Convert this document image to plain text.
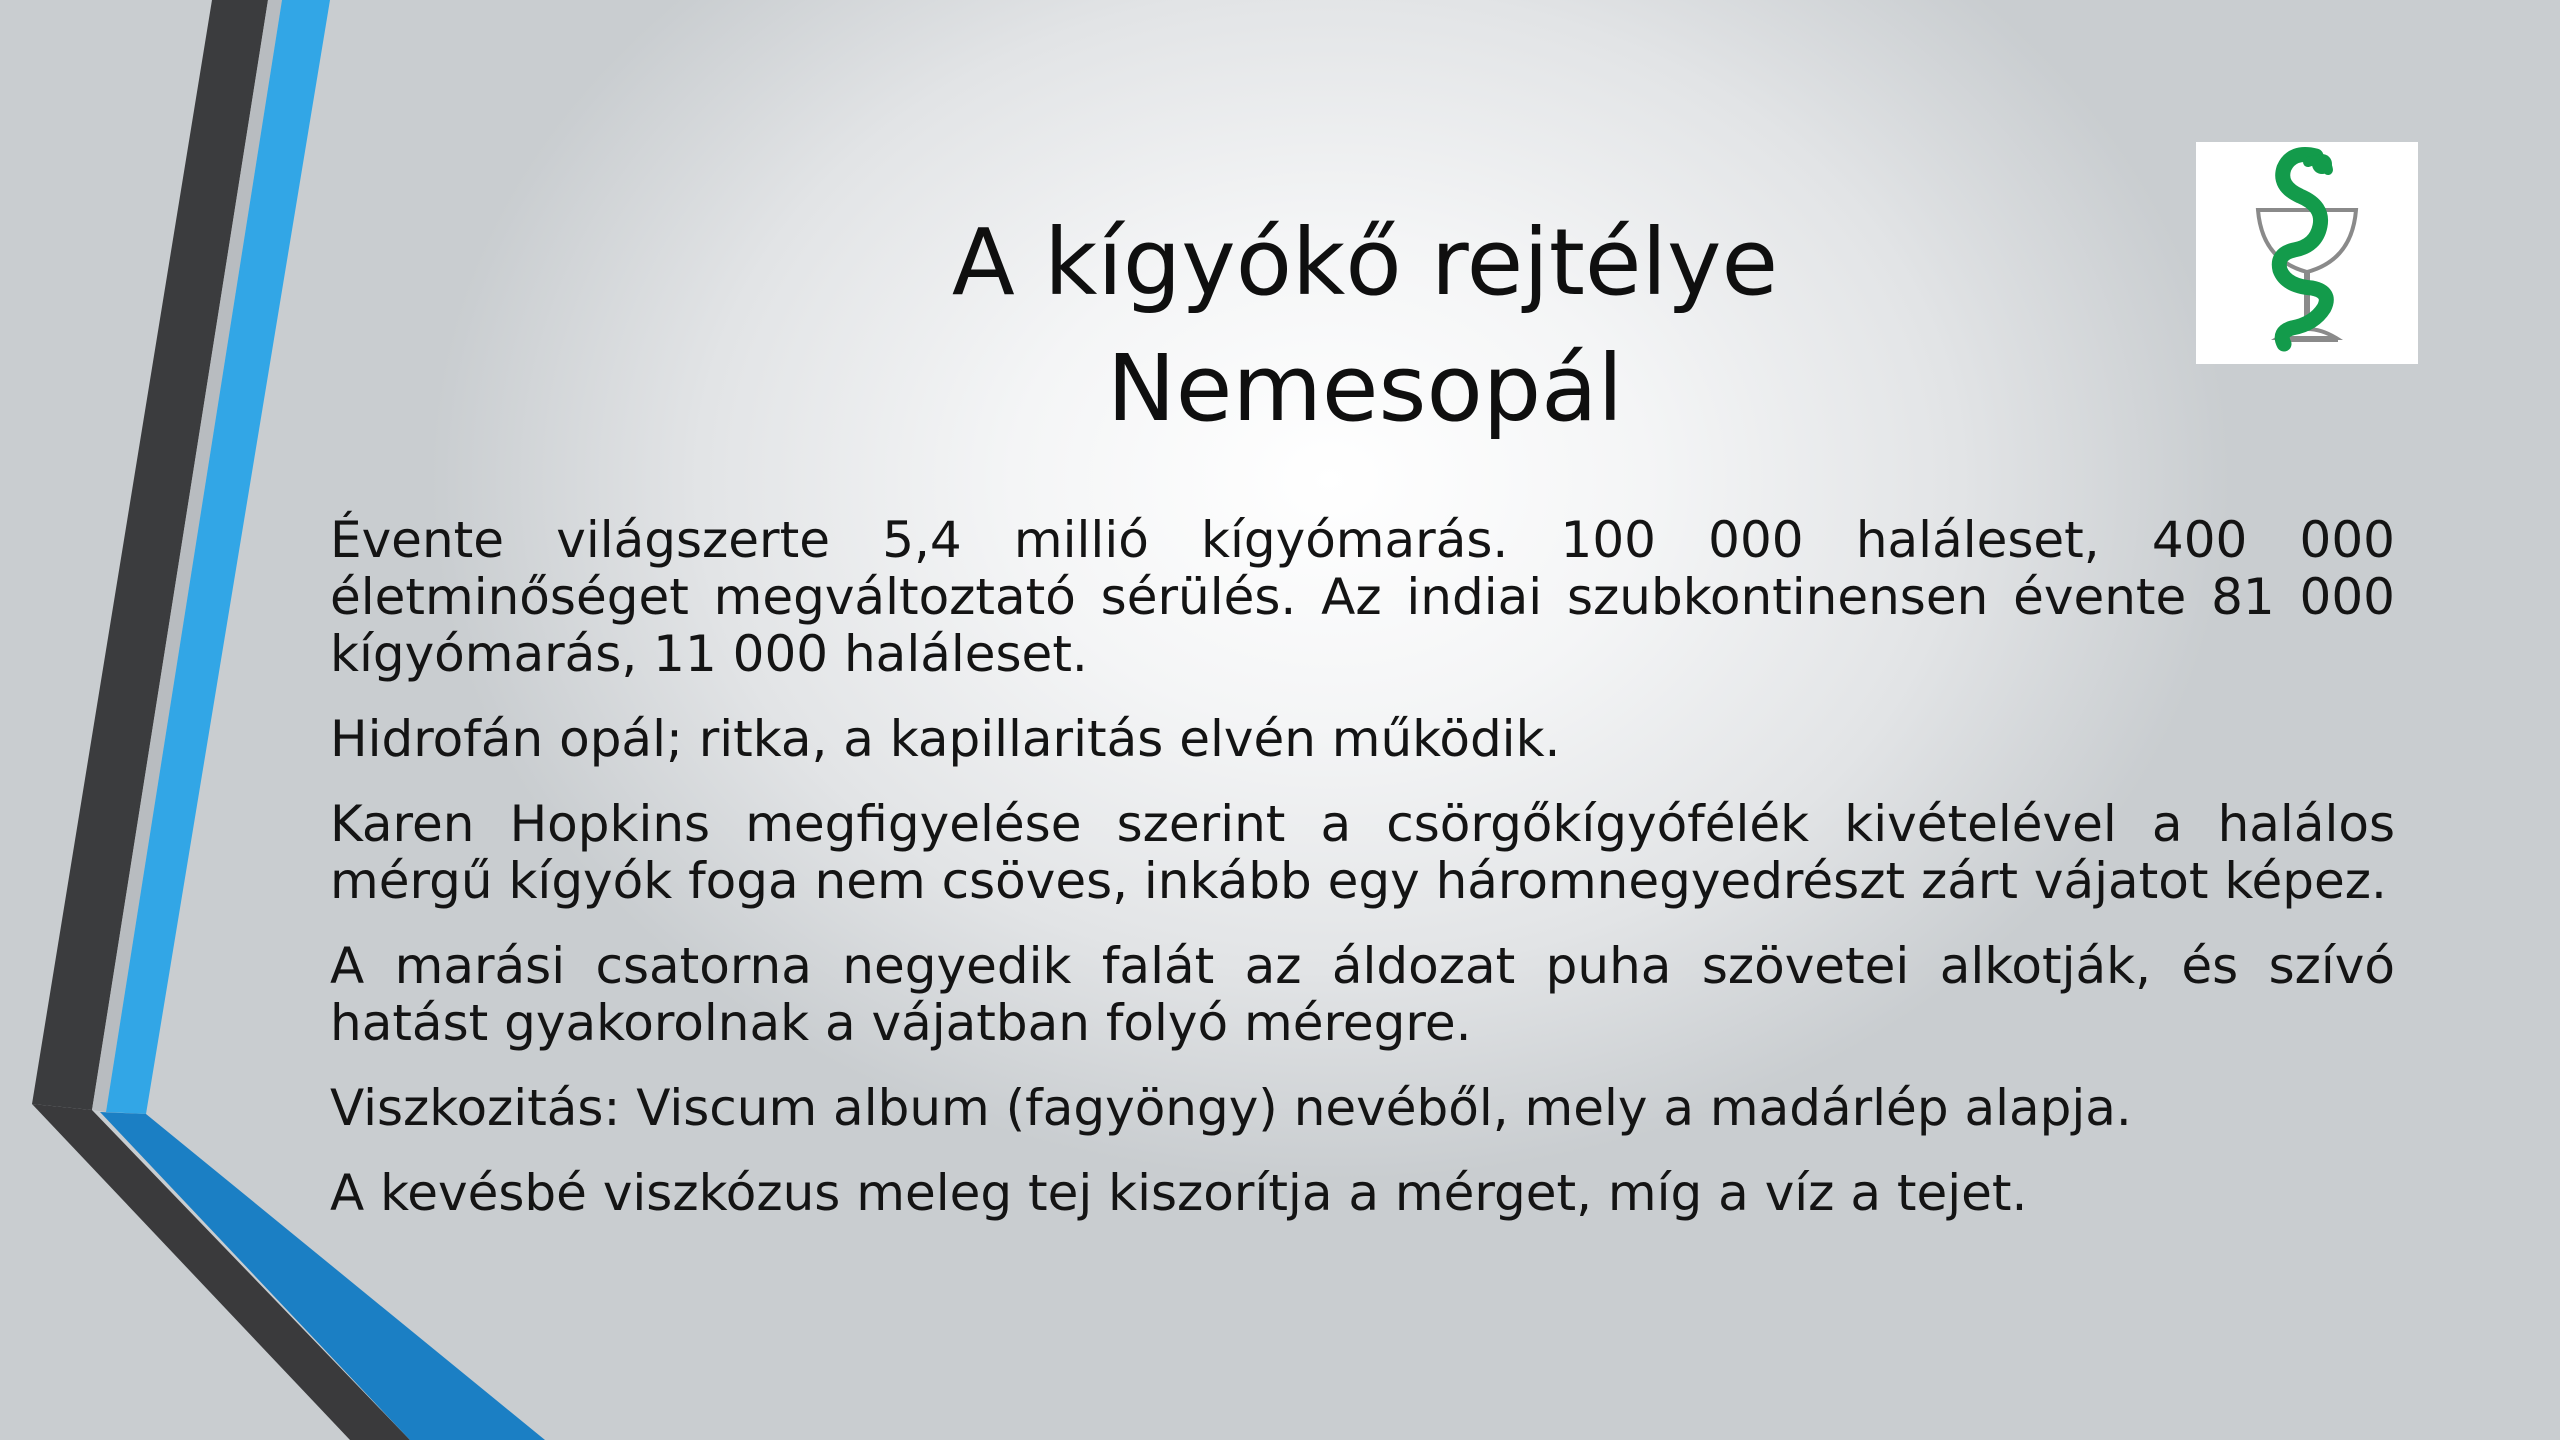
A kígyókő rejtélye
Nemesopál

Évente világszerte 5,4 millió kígyómarás. 100 000 haláleset, 400 000 életminőséget megváltoztató sérülés. Az indiai szubkontinensen évente 81 000 kígyómarás, 11 000 haláleset.

Hidrofán opál; ritka, a kapillaritás elvén működik.

Karen Hopkins megfigyelése szerint a csörgőkígyófélék kivételével a halálos mérgű kígyók foga nem csöves, inkább egy háromnegyedrészt zárt vájatot képez.

A marási csatorna negyedik falát az áldozat puha szövetei alkotják, és szívó hatást gyakorolnak a vájatban folyó méregre.

Viszkozitás: Viscum album (fagyöngy) nevéből, mely a madárlép alapja.

A kevésbé viszkózus meleg tej kiszorítja a mérget, míg a víz a tejet.
